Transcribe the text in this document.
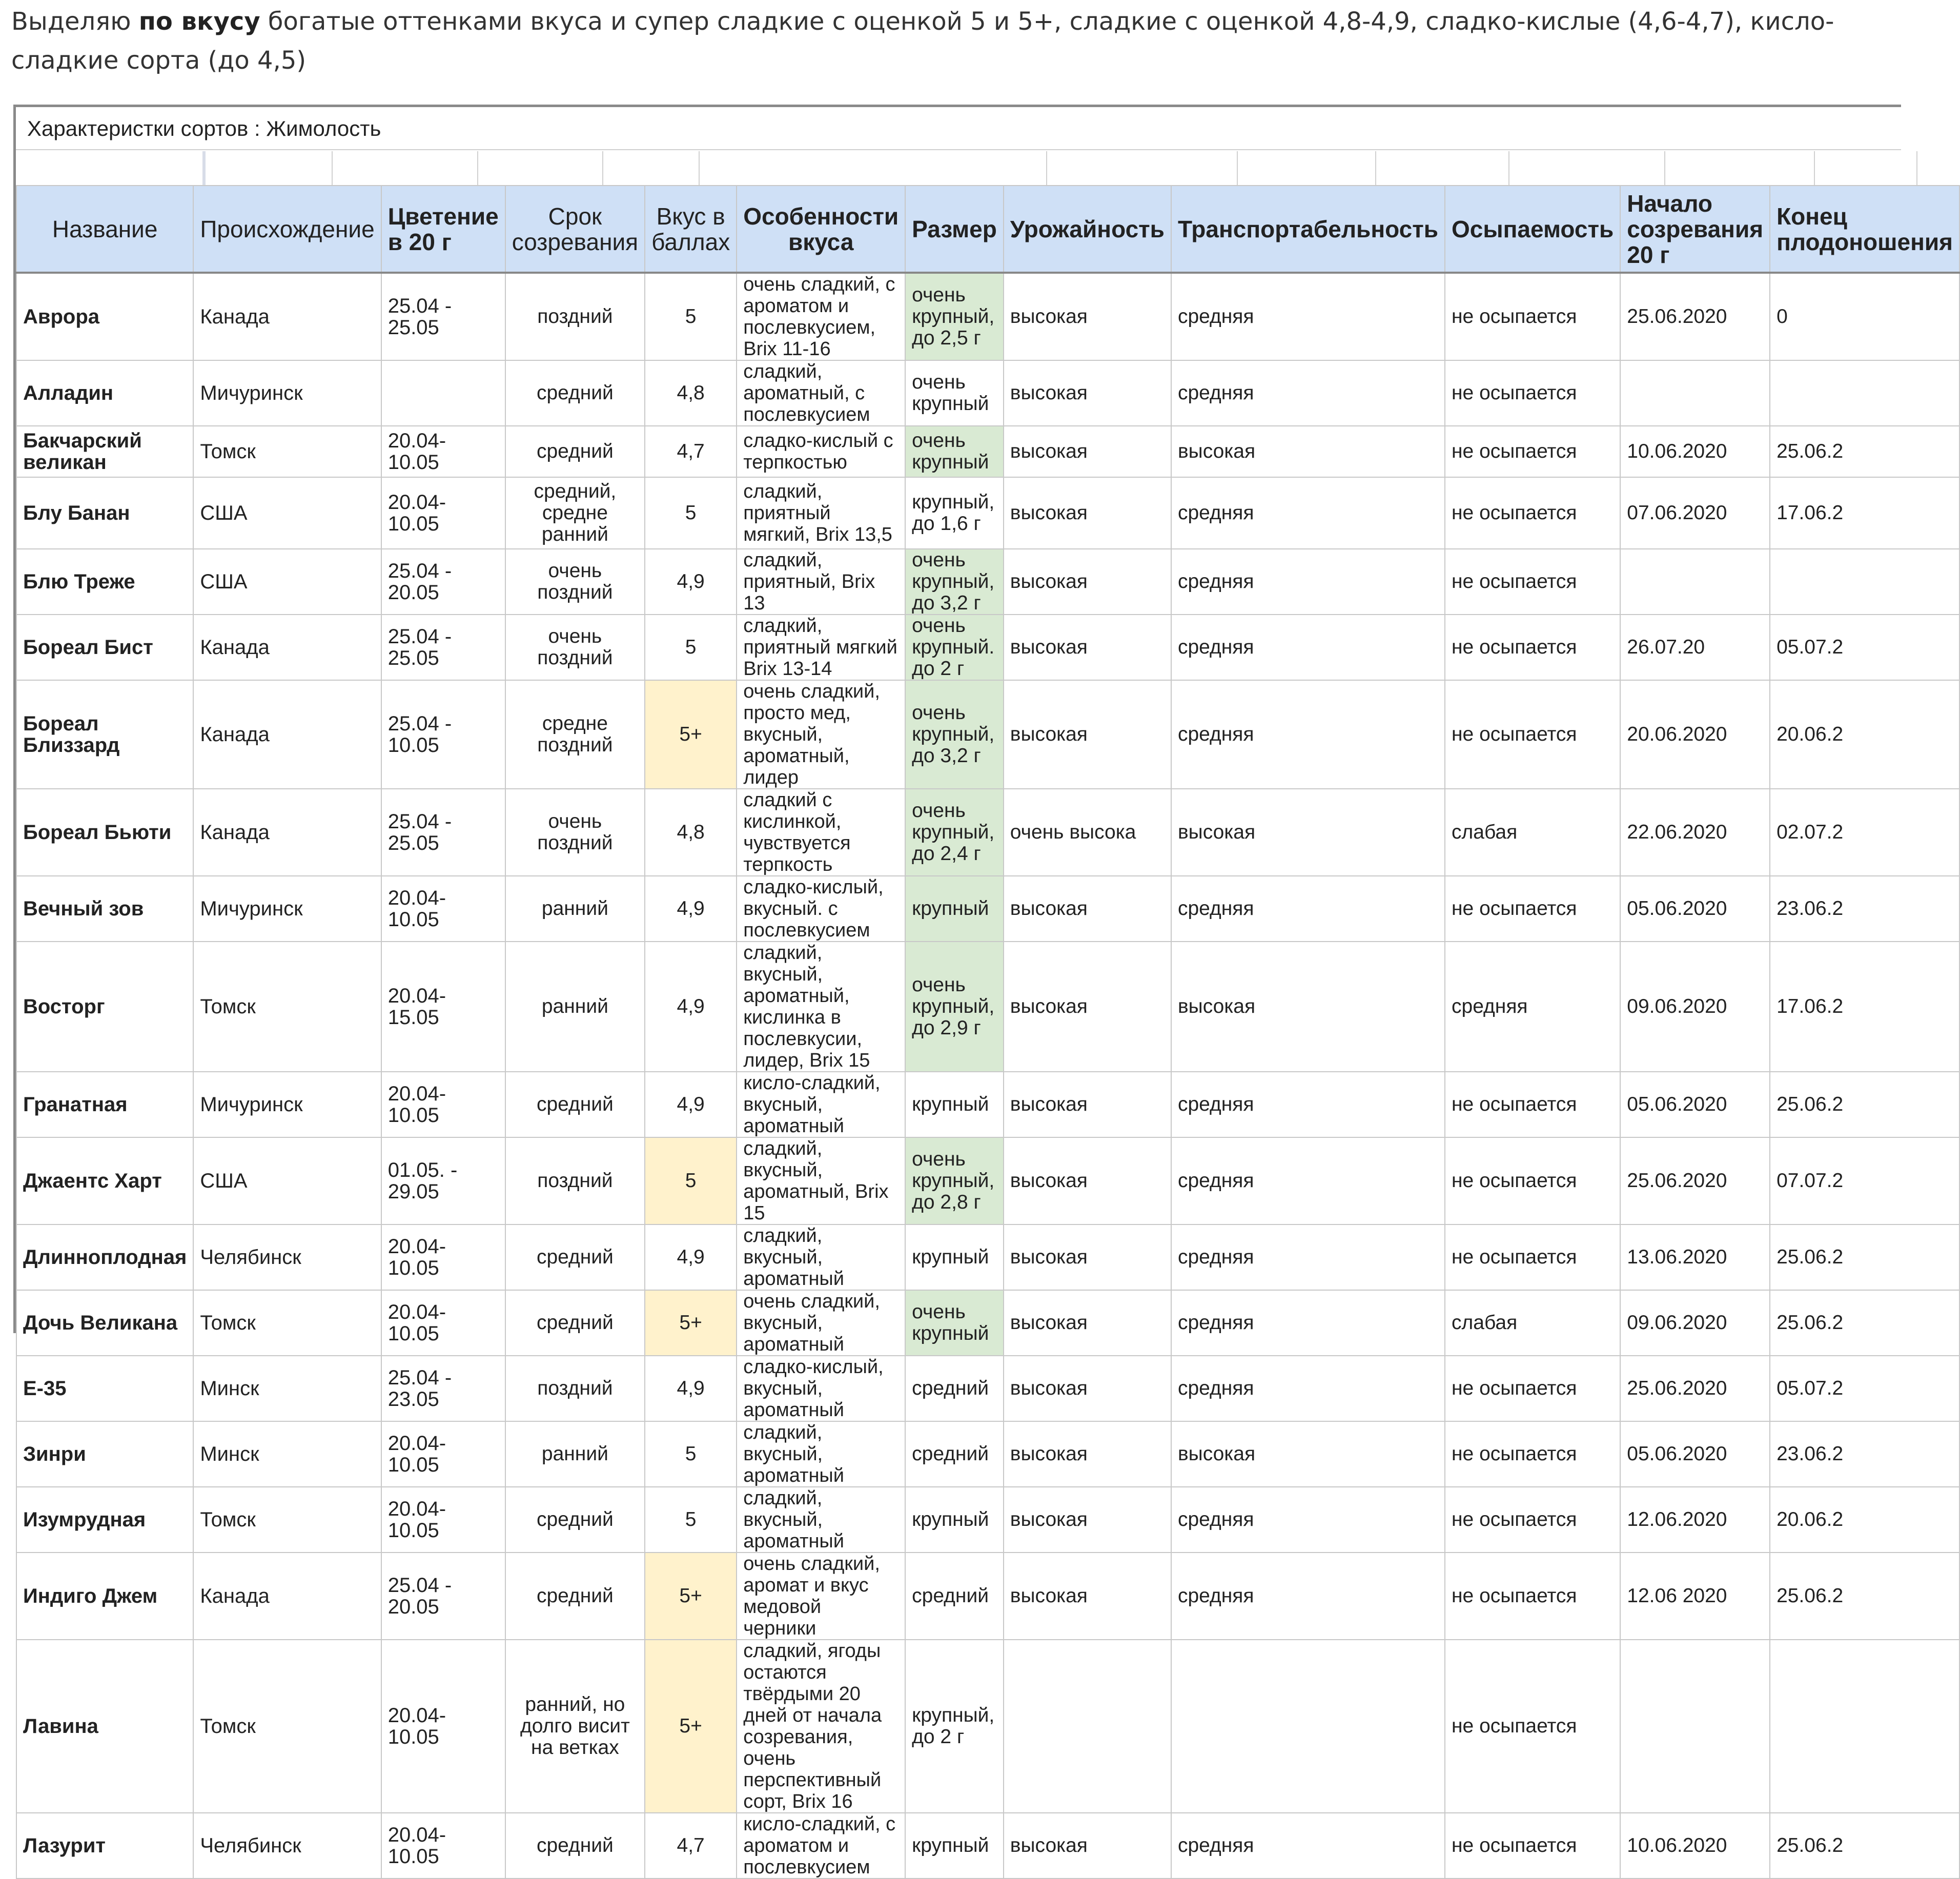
Выделяю по вкусу богатые оттенками вкуса и супер сладкие с оценкой 5 и 5+, сладкие с оценкой 4,8-4,9, сладко-кислые (4,6-4,7), кисло-сладкие сорта (до 4,5)
Характеристки сортов : Жимолость
Название	Происхождение	Цветение в 20 г	Срок созревания	Вкус в баллах	Особенности вкуса	Размер	Урожайность	Транспортабельность	Осыпаемость	Начало созревания 20 г	Конец плодоношения
Аврора	Канада	25.04 - 25.05	поздний	5	очень сладкий, с ароматом и послевкусием, Brix 11-16	очень крупный, до 2,5 г	высокая	средняя	не осыпается	25.06.2020	0
Алладин	Мичуринск		средний	4,8	сладкий, ароматный, с послевкусием	очень крупный	высокая	средняя	не осыпается		
Бакчарский великан	Томск	20.04- 10.05	средний	4,7	сладко-кислый с терпкостью	очень крупный	высокая	высокая	не осыпается	10.06.2020	25.06.2
Блу Банан	США	20.04- 10.05	средний, средне ранний	5	сладкий, приятный мягкий, Brix 13,5	крупный, до 1,6 г	высокая	средняя	не осыпается	07.06.2020	17.06.2
Блю Треже	США	25.04 - 20.05	очень поздний	4,9	сладкий, приятный, Brix 13	очень крупный, до 3,2 г	высокая	средняя	не осыпается		
Бореал Бист	Канада	25.04 - 25.05	очень поздний	5	сладкий, приятный мягкий Brix 13-14	очень крупный. до 2 г	высокая	средняя	не осыпается	26.07.20	05.07.2
Бореал Близзард	Канада	25.04 - 10.05	средне поздний	5+	очень сладкий, просто мед, вкусный, ароматный, лидер	очень крупный, до 3,2 г	высокая	средняя	не осыпается	20.06.2020	20.06.2
Бореал Бьюти	Канада	25.04 - 25.05	очень поздний	4,8	сладкий с кислинкой, чувствуется терпкость	очень крупный, до 2,4 г	очень высока	высокая	слабая	22.06.2020	02.07.2
Вечный зов	Мичуринск	20.04- 10.05	ранний	4,9	сладко-кислый, вкусный. с послевкусием	крупный	высокая	средняя	не осыпается	05.06.2020	23.06.2
Восторг	Томск	20.04- 15.05	ранний	4,9	сладкий, вкусный, ароматный, кислинка в послевкусии, лидер, Brix 15	очень крупный, до 2,9 г	высокая	высокая	средняя	09.06.2020	17.06.2
Гранатная	Мичуринск	20.04- 10.05	средний	4,9	кисло-сладкий, вкусный, ароматный	крупный	высокая	средняя	не осыпается	05.06.2020	25.06.2
Джаентс Харт	США	01.05. - 29.05	поздний	5	сладкий, вкусный, ароматный, Brix 15	очень крупный, до 2,8 г	высокая	средняя	не осыпается	25.06.2020	07.07.2
Длинноплодная	Челябинск	20.04- 10.05	средний	4,9	сладкий, вкусный, ароматный	крупный	высокая	средняя	не осыпается	13.06.2020	25.06.2
Дочь Великана	Томск	20.04- 10.05	средний	5+	очень сладкий, вкусный, ароматный	очень крупный	высокая	средняя	слабая	09.06.2020	25.06.2
Е-35	Минск	25.04 - 23.05	поздний	4,9	сладко-кислый, вкусный, ароматный	средний	высокая	средняя	не осыпается	25.06.2020	05.07.2
Зинри	Минск	20.04- 10.05	ранний	5	сладкий, вкусный, ароматный	средний	высокая	высокая	не осыпается	05.06.2020	23.06.2
Изумрудная	Томск	20.04- 10.05	средний	5	сладкий, вкусный, ароматный	крупный	высокая	средняя	не осыпается	12.06.2020	20.06.2
Индиго Джем	Канада	25.04 - 20.05	средний	5+	очень сладкий, аромат и вкус медовой черники	средний	высокая	средняя	не осыпается	12.06 2020	25.06.2
Лавина	Томск	20.04- 10.05	ранний, но долго висит на ветках	5+	сладкий, ягоды остаются твёрдыми 20 дней от начала созревания, очень перспективный сорт, Brix 16	крупный, до 2 г			не осыпается		
Лазурит	Челябинск	20.04- 10.05	средний	4,7	кисло-сладкий, с ароматом и послевкусием	крупный	высокая	средняя	не осыпается	10.06.2020	25.06.2
